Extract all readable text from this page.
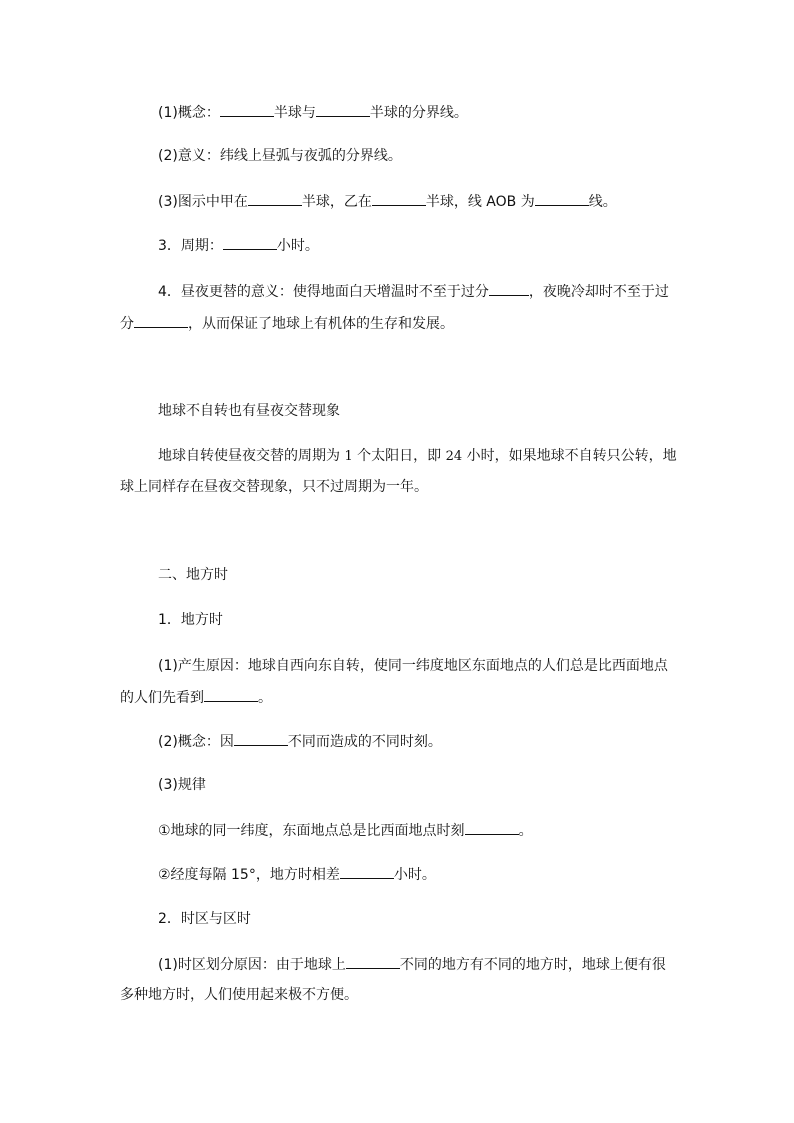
(1)概念：	半球与	半球的分界线。
(2)意义：纬线上昼弧与夜弧的分界线。
(3)图示中甲在	半球，乙在	半球，线 AOB 为	线。
3．周期：	小时。
4．昼夜更替的意义：使得地面白天增温时不至于过分	，夜晚冷却时不至于过
分	，从而保证了地球上有机体的生存和发展。
地球不自转也有昼夜交替现象
地球自转使昼夜交替的周期为 1 个太阳日，即 24 小时，如果地球不自转只公转，地
球上同样存在昼夜交替现象，只不过周期为一年。
二、地方时
1．地方时
(1)产生原因：地球自西向东自转，使同一纬度地区东面地点的人们总是比西面地点
的人们先看到	。
(2)概念：因	不同而造成的不同时刻。
(3)规律
①地球的同一纬度，东面地点总是比西面地点时刻	。
②经度每隔 15°，地方时相差	小时。
2．时区与区时
(1)时区划分原因：由于地球上	不同的地方有不同的地方时，地球上便有很
多种地方时，人们使用起来极不方便。
